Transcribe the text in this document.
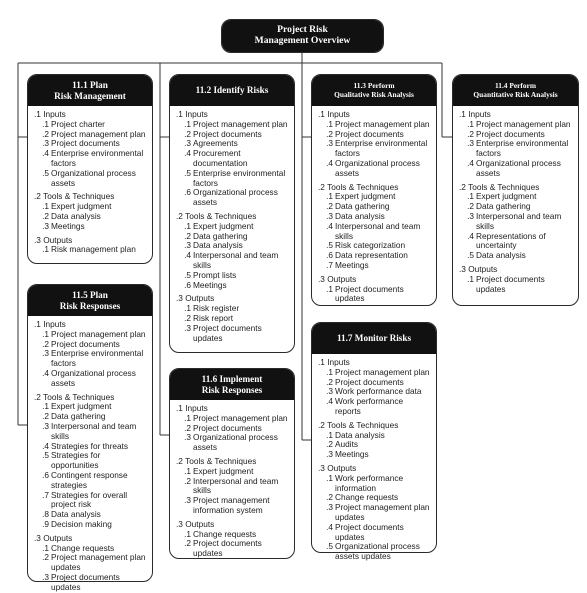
Project Risk
Management Overview
11.1 Plan
Risk Management
.1 Inputs
.1 Project charter
.2 Project management plan
.3 Project documents
.4 Enterprise environmental factors
.5 Organizational process assets
.2 Tools & Techniques
.1 Expert judgment
.2 Data analysis
.3 Meetings
.3 Outputs
.1 Risk management plan
11.2 Identify Risks
.1 Inputs
.1 Project management plan
.2 Project documents
.3 Agreements
.4 Procurement documentation
.5 Enterprise environmental factors
.6 Organizational process assets
.2 Tools & Techniques
.1 Expert judgment
.2 Data gathering
.3 Data analysis
.4 Interpersonal and team skills
.5 Prompt lists
.6 Meetings
.3 Outputs
.1 Risk register
.2 Risk report
.3 Project documents updates
11.3 Perform
Qualitative Risk Analysis
.1 Inputs
.1 Project management plan
.2 Project documents
.3 Enterprise environmental factors
.4 Organizational process assets
.2 Tools & Techniques
.1 Expert judgment
.2 Data gathering
.3 Data analysis
.4 Interpersonal and team skills
.5 Risk categorization
.6 Data representation
.7 Meetings
.3 Outputs
.1 Project documents updates
11.4 Perform
Quantitative Risk Analysis
.1 Inputs
.1 Project management plan
.2 Project documents
.3 Enterprise environmental factors
.4 Organizational process assets
.2 Tools & Techniques
.1 Expert judgment
.2 Data gathering
.3 Interpersonal and team skills
.4 Representations of uncertainty
.5 Data analysis
.3 Outputs
.1 Project documents updates
11.5 Plan
Risk Responses
.1 Inputs
.1 Project management plan
.2 Project documents
.3 Enterprise environmental factors
.4 Organizational process assets
.2 Tools & Techniques
.1 Expert judgment
.2 Data gathering
.3 Interpersonal and team skills
.4 Strategies for threats
.5 Strategies for opportunities
.6 Contingent response strategies
.7 Strategies for overall project risk
.8 Data analysis
.9 Decision making
.3 Outputs
.1 Change requests
.2 Project management plan updates
.3 Project documents updates
11.6 Implement
Risk Responses
.1 Inputs
.1 Project management plan
.2 Project documents
.3 Organizational process assets
.2 Tools & Techniques
.1 Expert judgment
.2 Interpersonal and team skills
.3 Project management information system
.3 Outputs
.1 Change requests
.2 Project documents updates
11.7 Monitor Risks
.1 Inputs
.1 Project management plan
.2 Project documents
.3 Work performance data
.4 Work performance reports
.2 Tools & Techniques
.1 Data analysis
.2 Audits
.3 Meetings
.3 Outputs
.1 Work performance information
.2 Change requests
.3 Project management plan updates
.4 Project documents updates
.5 Organizational process assets updates
